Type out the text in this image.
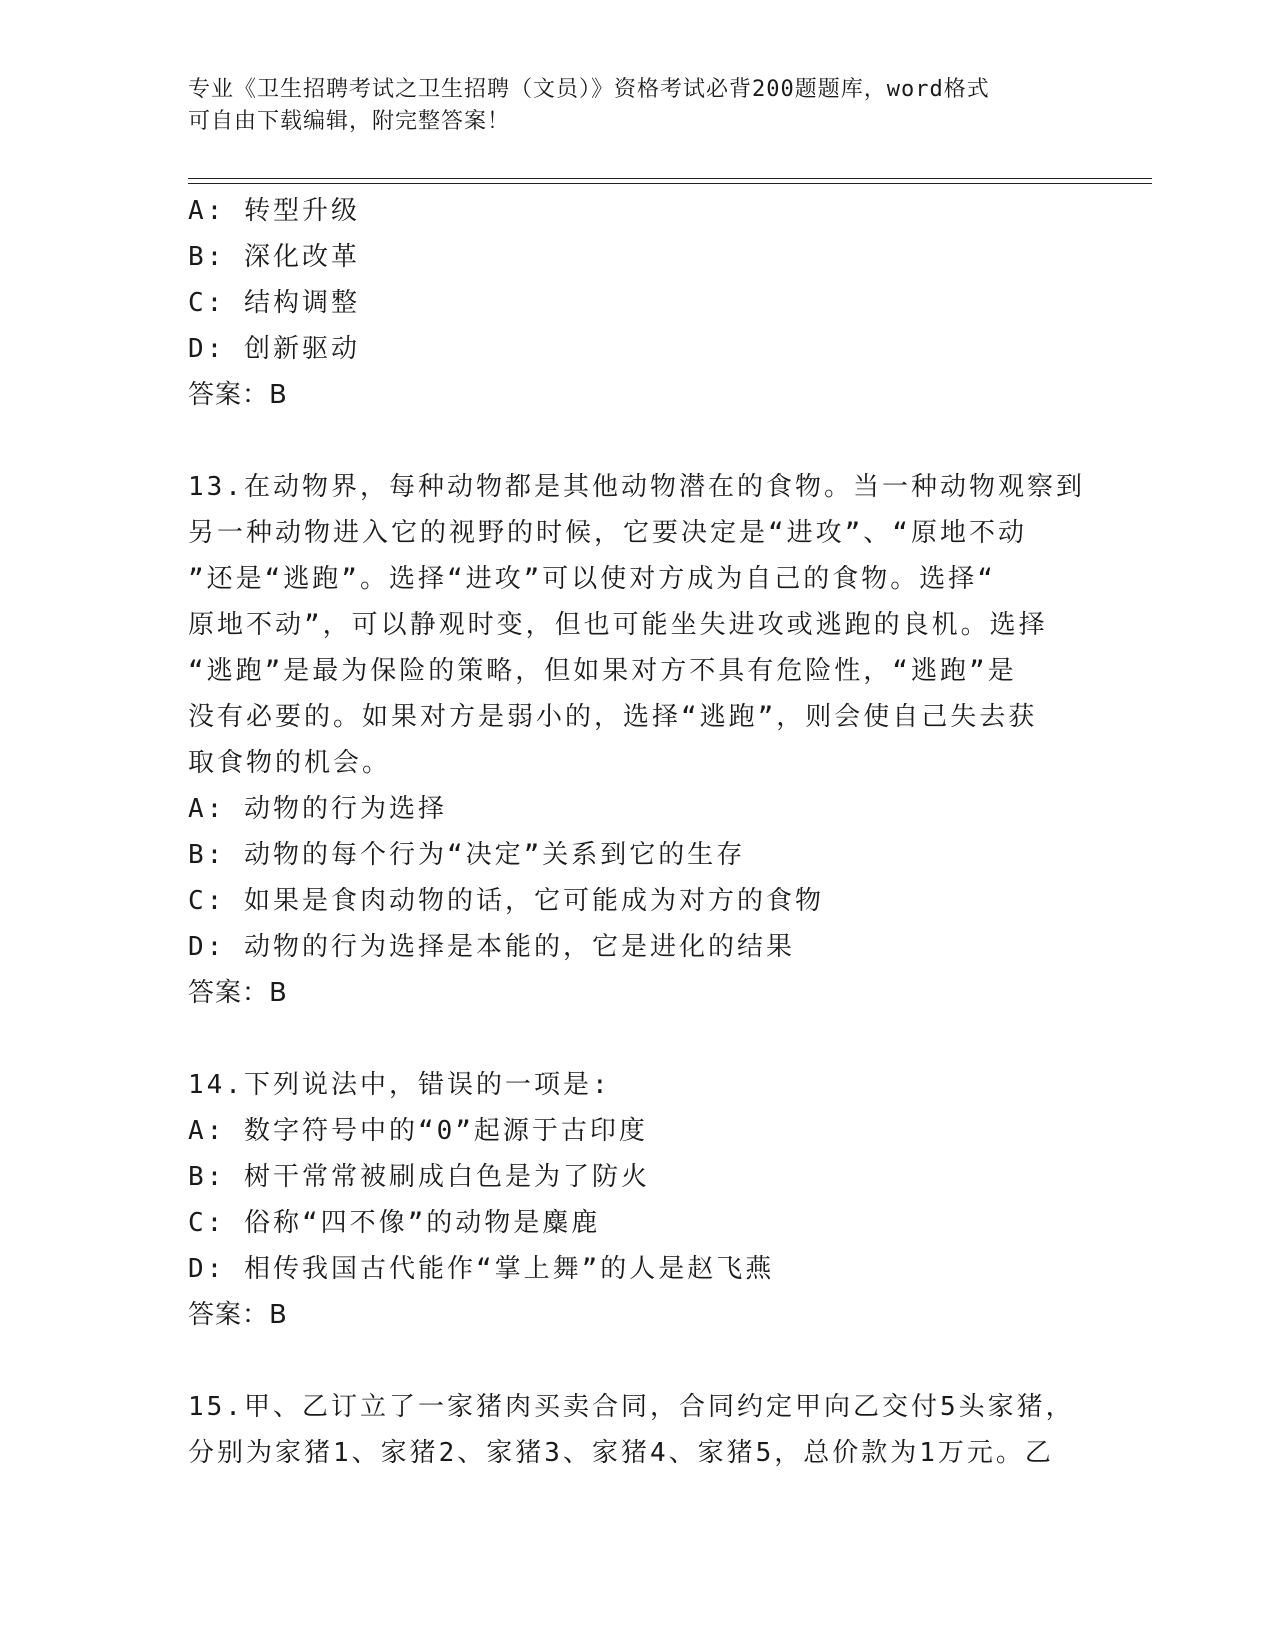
专业《卫生招聘考试之卫生招聘（文员）》资格考试必背200题题库，word格式
可自由下载编辑，附完整答案！
A: 转型升级
B: 深化改革
C: 结构调整
D: 创新驱动
答案：B
13.在动物界，每种动物都是其他动物潜在的食物。当一种动物观察到
另一种动物进入它的视野的时候，它要决定是“进攻”、“原地不动
”还是“逃跑”。选择“进攻”可以使对方成为自己的食物。选择“
原地不动”，可以静观时变，但也可能坐失进攻或逃跑的良机。选择
“逃跑”是最为保险的策略，但如果对方不具有危险性，“逃跑”是
没有必要的。如果对方是弱小的，选择“逃跑”，则会使自己失去获
取食物的机会。
A: 动物的行为选择
B: 动物的每个行为“决定”关系到它的生存
C: 如果是食肉动物的话，它可能成为对方的食物
D: 动物的行为选择是本能的，它是进化的结果
答案：B
14.下列说法中，错误的一项是:
A: 数字符号中的“0”起源于古印度
B: 树干常常被刷成白色是为了防火
C: 俗称“四不像”的动物是麋鹿
D: 相传我国古代能作“掌上舞”的人是赵飞燕
答案：B
15.甲、乙订立了一家猪肉买卖合同，合同约定甲向乙交付5头家猪，
分别为家猪1、家猪2、家猪3、家猪4、家猪5，总价款为1万元。乙
